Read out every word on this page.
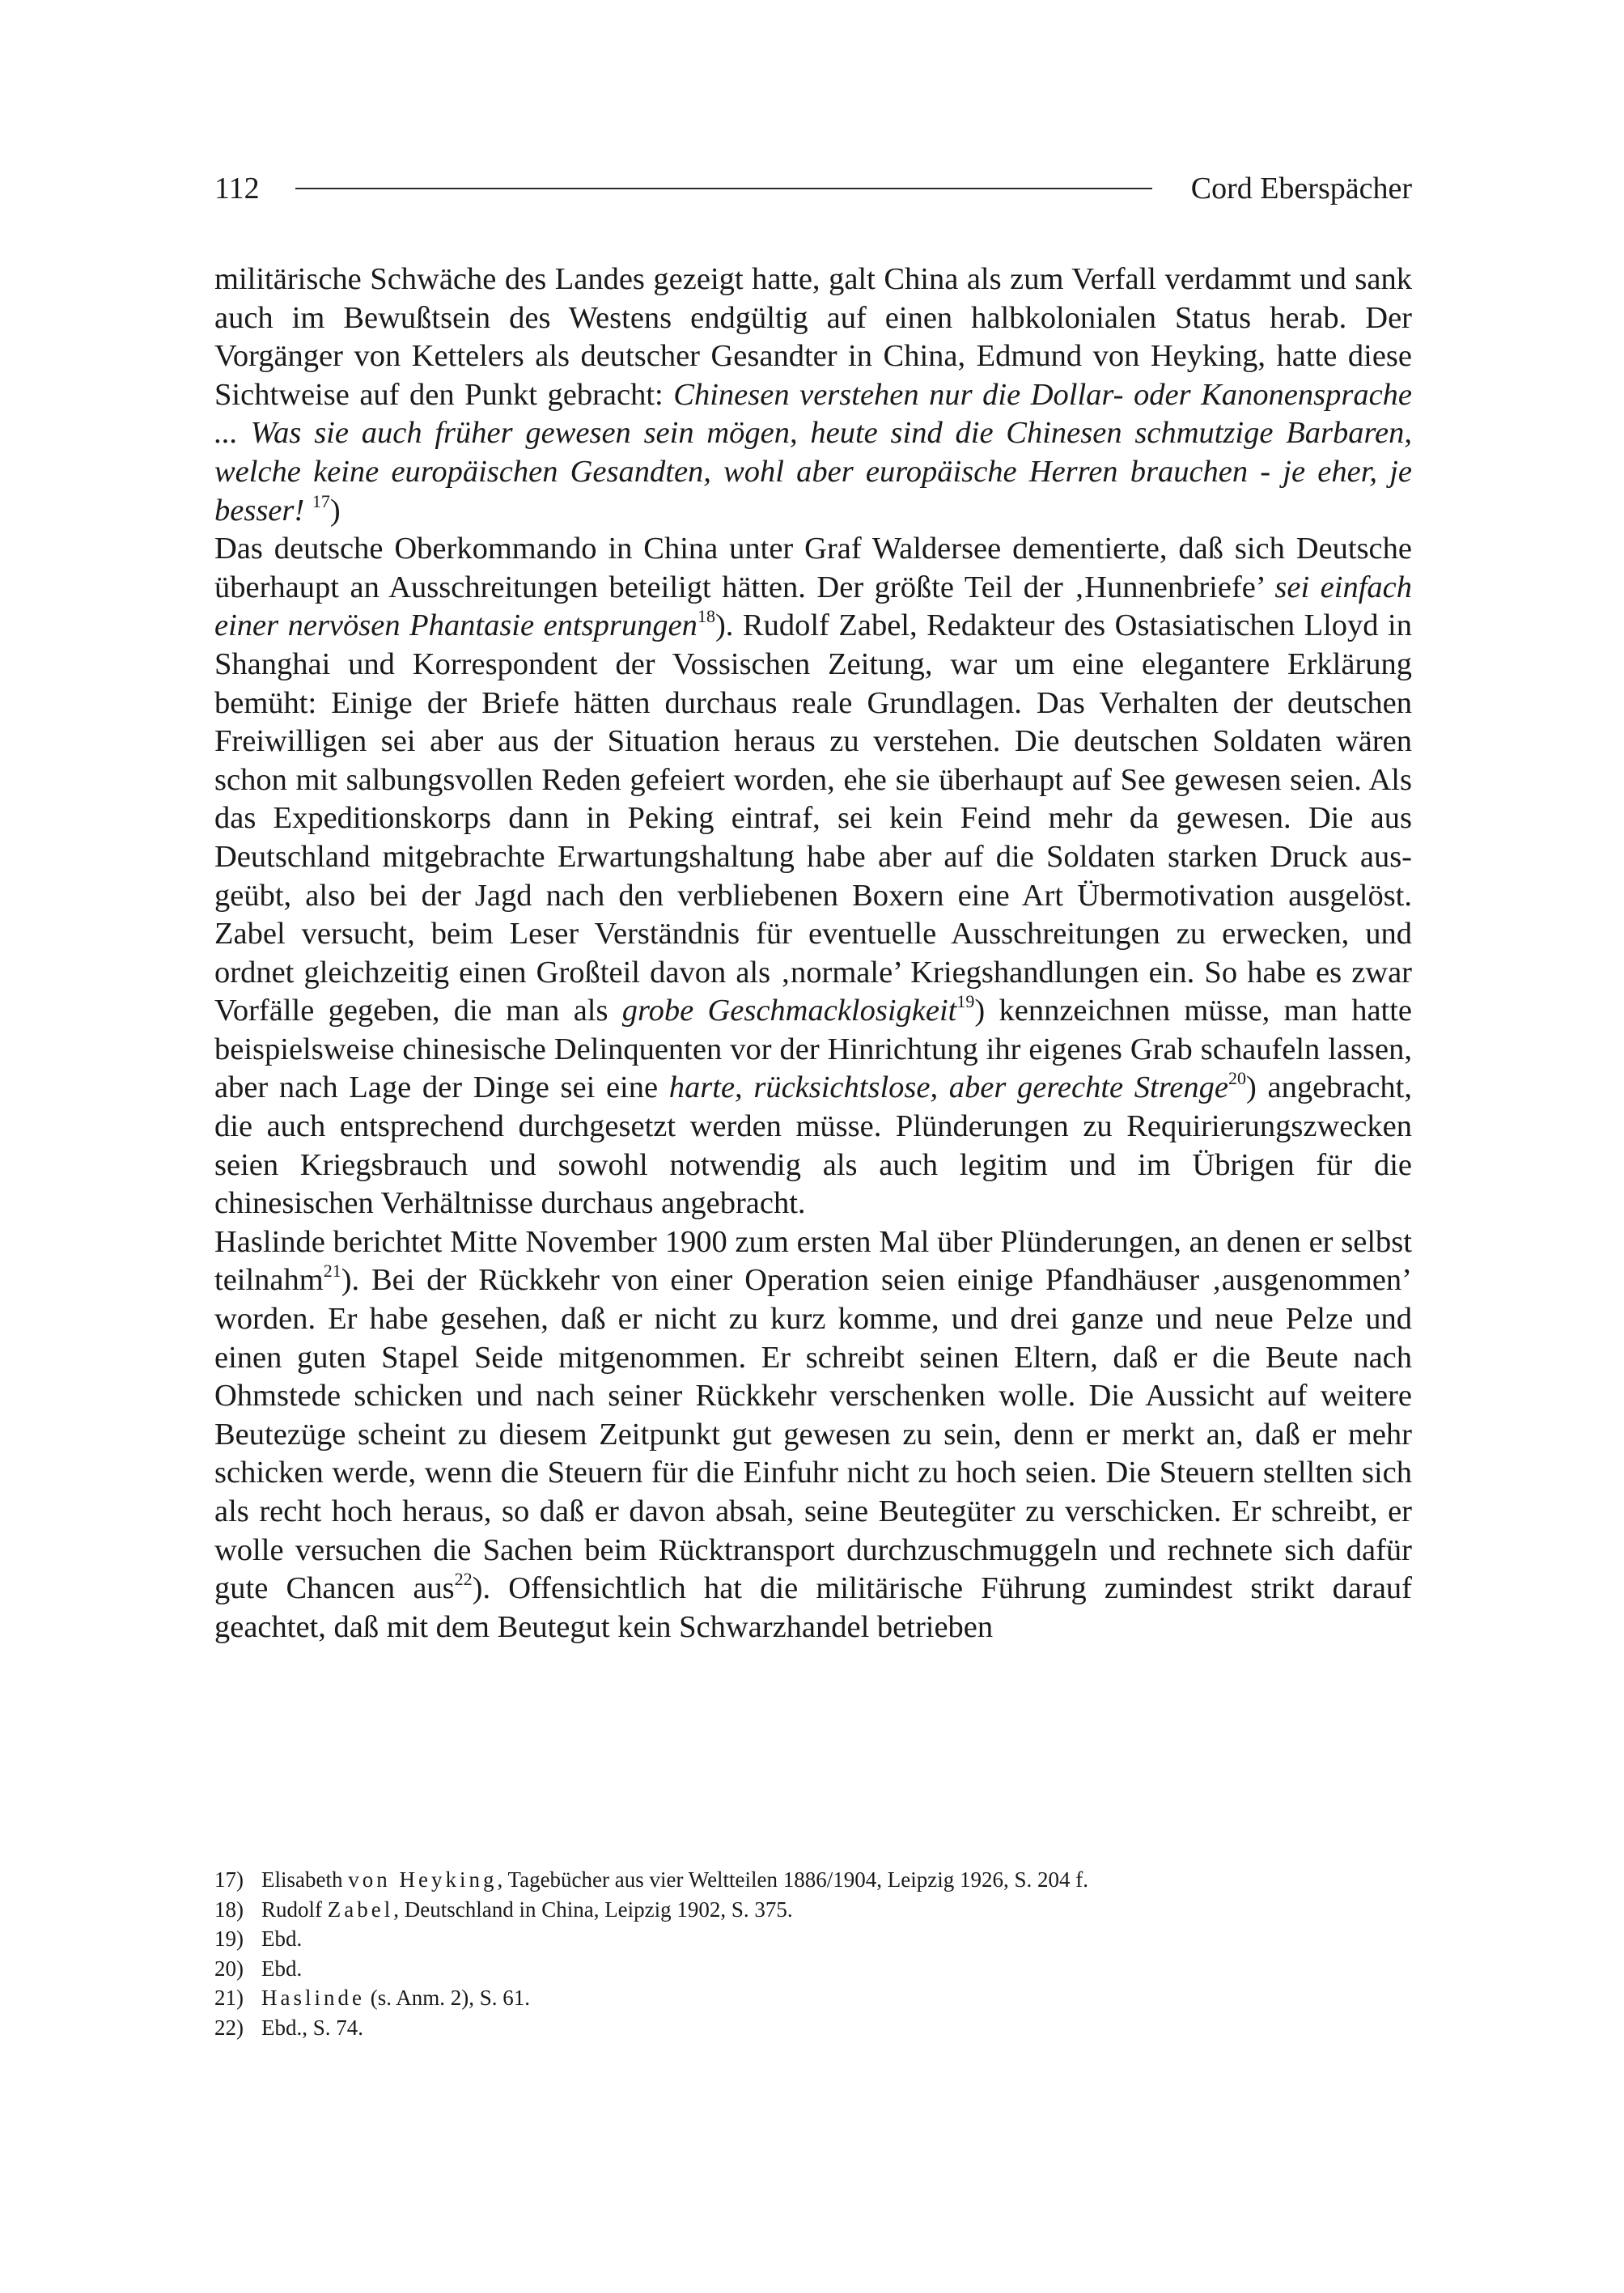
112	Cord Eberspächer

militärische Schwäche des Landes gezeigt hatte, galt China als zum Verfall verdammt und sank auch im Bewußtsein des Westens endgültig auf einen halbkolonialen Status herab. Der Vorgänger von Kettelers als deutscher Gesandter in China, Edmund von Heyking, hatte diese Sichtweise auf den Punkt gebracht: Chinesen verstehen nur die Dollar- oder Kanonensprache ... Was sie auch früher gewesen sein mögen, heute sind die Chinesen schmutzige Barbaren, welche keine europäischen Gesandten, wohl aber europäische Herren brauchen - je eher, je besser! $^{17}$)

Das deutsche Oberkommando in China unter Graf Waldersee dementierte, daß sich Deutsche überhaupt an Ausschreitungen beteiligt hätten. Der größte Teil der ‚Hunnenbriefe’ sei einfach einer nervösen Phantasie entsprungen$^{18}$). Rudolf Zabel, Redakteur des Ostasiatischen Lloyd in Shanghai und Korrespondent der Vossischen Zeitung, war um eine elegantere Erklärung bemüht: Einige der Briefe hätten durchaus reale Grundlagen. Das Verhalten der deutschen Freiwilligen sei aber aus der Situation heraus zu verstehen. Die deutschen Soldaten wären schon mit salbungsvollen Reden gefeiert worden, ehe sie überhaupt auf See gewesen seien. Als das Expeditionskorps dann in Peking eintraf, sei kein Feind mehr da gewesen. Die aus Deutschland mitgebrachte Erwartungshaltung habe aber auf die Soldaten starken Druck ausgeübt, also bei der Jagd nach den verbliebenen Boxern eine Art Übermotivation ausgelöst. Zabel versucht, beim Leser Verständnis für eventuelle Ausschreitungen zu erwecken, und ordnet gleichzeitig einen Großteil davon als ‚normale’ Kriegshandlungen ein. So habe es zwar Vorfälle gegeben, die man als grobe Geschmacklosigkeit$^{19}$) kennzeichnen müsse, man hatte beispielsweise chinesische Delinquenten vor der Hinrichtung ihr eigenes Grab schaufeln lassen, aber nach Lage der Dinge sei eine harte, rücksichtslose, aber gerechte Strenge$^{20}$) angebracht, die auch entsprechend durchgesetzt werden müsse. Plünderungen zu Requirierungszwecken seien Kriegsbrauch und sowohl notwendig als auch legitim und im Übrigen für die chinesischen Verhältnisse durchaus angebracht.

Haslinde berichtet Mitte November 1900 zum ersten Mal über Plünderungen, an denen er selbst teilnahm$^{21}$). Bei der Rückkehr von einer Operation seien einige Pfandhäuser ‚ausgenommen’ worden. Er habe gesehen, daß er nicht zu kurz komme, und drei ganze und neue Pelze und einen guten Stapel Seide mitgenommen. Er schreibt seinen Eltern, daß er die Beute nach Ohmstede schicken und nach seiner Rückkehr verschenken wolle. Die Aussicht auf weitere Beutezüge scheint zu diesem Zeitpunkt gut gewesen zu sein, denn er merkt an, daß er mehr schicken werde, wenn die Steuern für die Einfuhr nicht zu hoch seien. Die Steuern stellten sich als recht hoch heraus, so daß er davon absah, seine Beutegüter zu verschicken. Er schreibt, er wolle versuchen die Sachen beim Rücktransport durchzuschmuggeln und rechnete sich dafür gute Chancen aus$^{22}$). Offensichtlich hat die militärische Führung zumindest strikt darauf geachtet, daß mit dem Beutegut kein Schwarzhandel betrieben

17) Elisabeth von Heyking, Tagebücher aus vier Weltteilen 1886/1904, Leipzig 1926, S. 204 f.
18) Rudolf Zabel, Deutschland in China, Leipzig 1902, S. 375.
19) Ebd.
20) Ebd.
21) Haslinde (s. Anm. 2), S. 61.
22) Ebd., S. 74.
